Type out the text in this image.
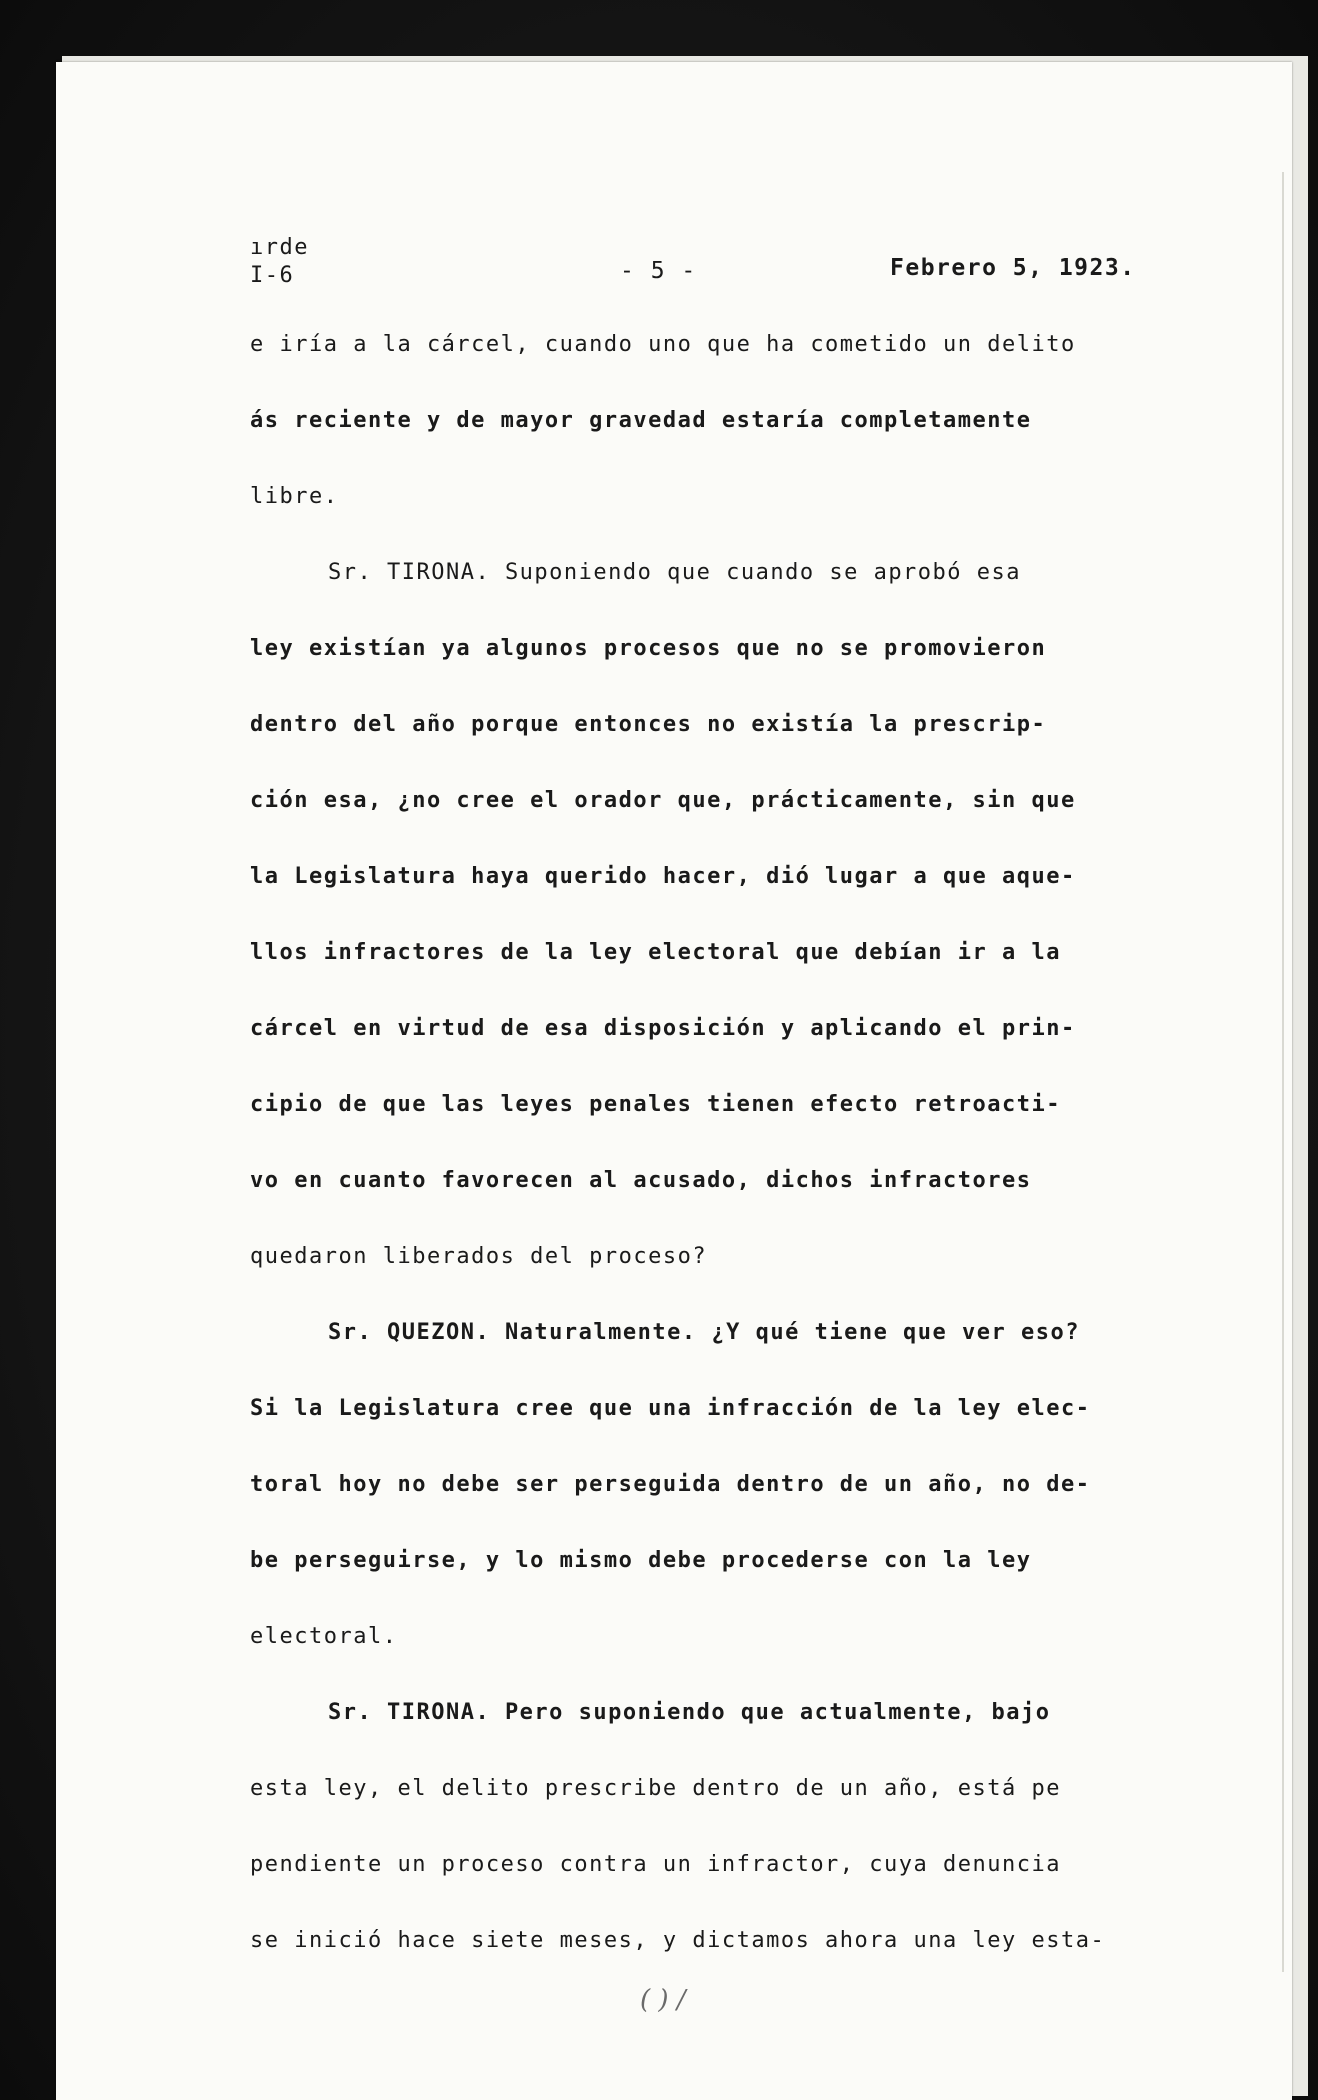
ırde
I-6	- 5 -	Febrero 5, 1923.
e iría a la cárcel, cuando uno que ha cometido un delito
ás reciente y de mayor gravedad estaría completamente
libre.
Sr. TIRONA. Suponiendo que cuando se aprobó esa
ley existían ya algunos procesos que no se promovieron
dentro del año porque entonces no existía la prescrip-
ción esa, ¿no cree el orador que, prácticamente, sin que
la Legislatura haya querido hacer, dió lugar a que aque-
llos infractores de la ley electoral que debían ir a la
cárcel en virtud de esa disposición y aplicando el prin-
cipio de que las leyes penales tienen efecto retroacti-
vo en cuanto favorecen al acusado, dichos infractores
quedaron liberados del proceso?
Sr. QUEZON. Naturalmente. ¿Y qué tiene que ver eso?
Si la Legislatura cree que una infracción de la ley elec-
toral hoy no debe ser perseguida dentro de un año, no de-
be perseguirse, y lo mismo debe procederse con la ley
electoral.
Sr. TIRONA. Pero suponiendo que actualmente, bajo
esta ley, el delito prescribe dentro de un año, está pe
pendiente un proceso contra un infractor, cuya denuncia
se inició hace siete meses, y dictamos ahora una ley esta-
( ) /
